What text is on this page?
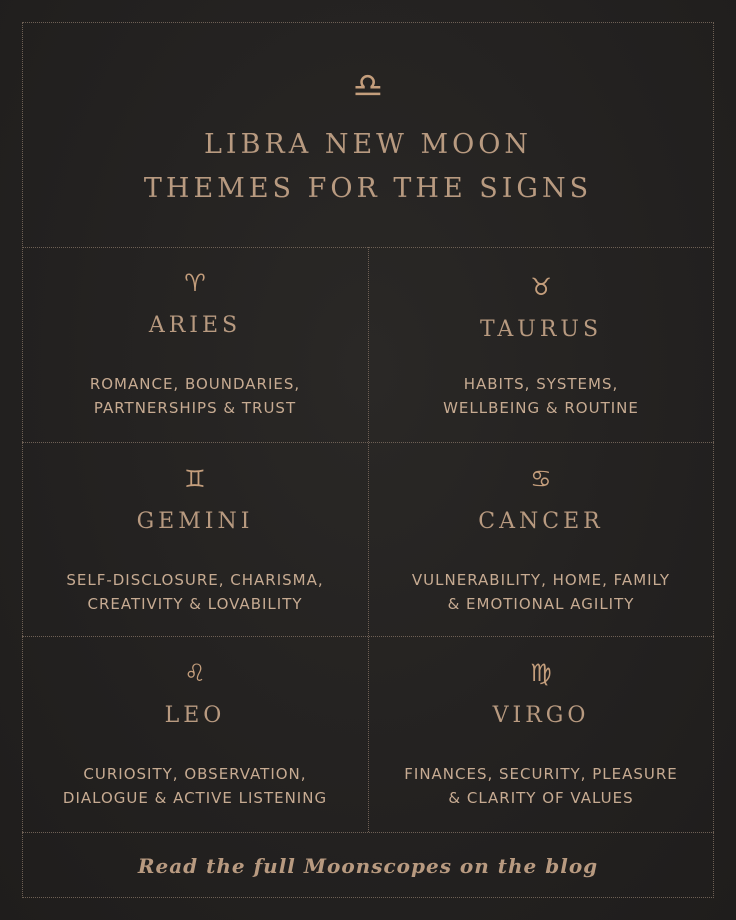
♎
LIBRA NEW MOON
THEMES FOR THE SIGNS
♈
ARIES
ROMANCE, BOUNDARIES,
PARTNERSHIPS & TRUST
♉
TAURUS
HABITS, SYSTEMS,
WELLBEING & ROUTINE
♊
GEMINI
SELF-DISCLOSURE, CHARISMA,
CREATIVITY & LOVABILITY
♋
CANCER
VULNERABILITY, HOME, FAMILY
& EMOTIONAL AGILITY
♌
LEO
CURIOSITY, OBSERVATION,
DIALOGUE & ACTIVE LISTENING
♍
VIRGO
FINANCES, SECURITY, PLEASURE
& CLARITY OF VALUES
Read the full Moonscopes on the blog
